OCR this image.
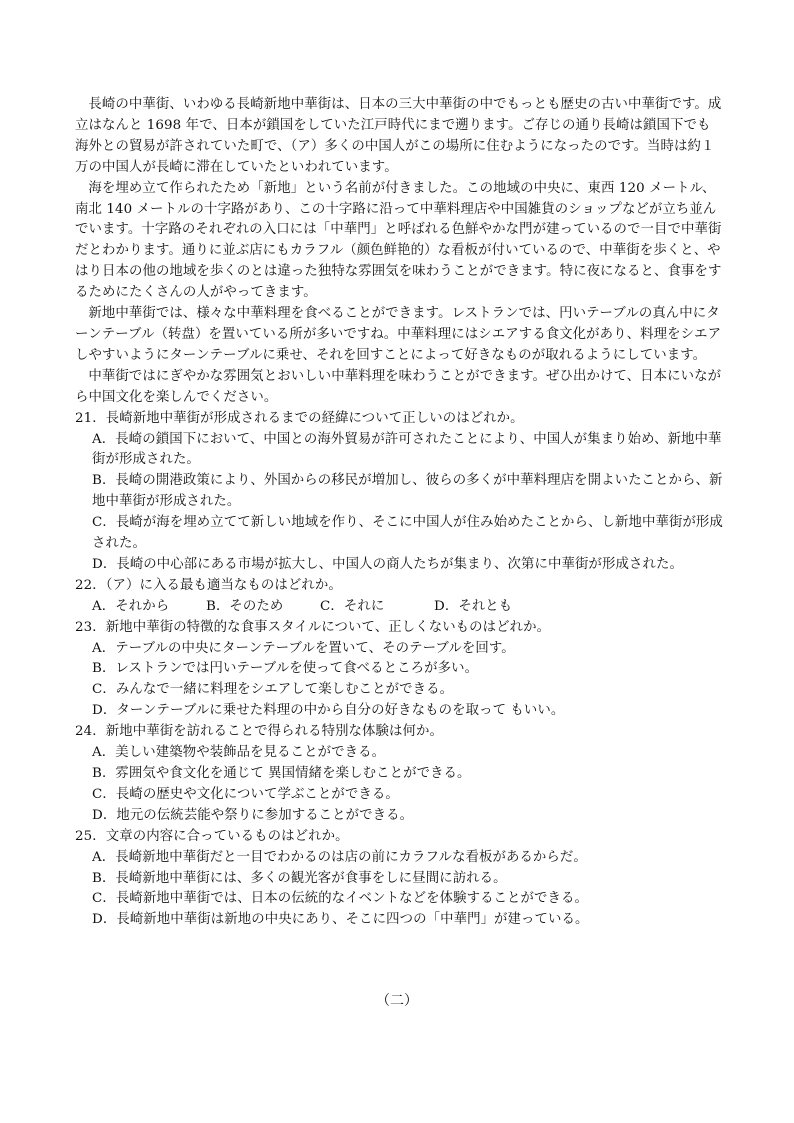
長崎の中華街、いわゆる長崎新地中華街は、日本の三大中華街の中でもっとも歴史の古い中華街です。成立はなんと 1698 年で、日本が鎖国をしていた江戸時代にまで遡ります。ご存じの通り長崎は鎖国下でも海外との貿易が許されていた町で、（ア）多くの中国人がこの場所に住むようになったのです。当時は約１万の中国人が長崎に滞在していたといわれています。

海を埋め立て作られたため「新地」という名前が付きました。この地域の中央に、東西 120 メートル、南北 140 メートルの十字路があり、この十字路に沿って中華料理店や中国雑貨のショップなどが立ち並んでいます。十字路のそれぞれの入口には「中華門」と呼ばれる色鮮やかな門が建っているので一目で中華街だとわかります。通りに並ぶ店にもカラフル（颜色鲜艳的）な看板が付いているので、中華街を歩くと、やはり日本の他の地域を歩くのとは違った独特な雰囲気を味わうことができます。特に夜になると、食事をするためにたくさんの人がやってきます。

新地中華街では、様々な中華料理を食べることができます。レストランでは、円いテーブルの真ん中にターンテーブル（转盘）を置いている所が多いですね。中華料理にはシエアする食文化があり、料理をシエアしやすいようにターンテーブルに乗せ、それを回すことによって好きなものが取れるようにしています。

中華街ではにぎやかな雰囲気とおいしい中華料理を味わうことができます。ぜひ出かけて、日本にいながら中国文化を楽しんでください。

21．長崎新地中華街が形成されるまでの経緯について正しいのはどれか。

A．長崎の鎖国下において、中国との海外貿易が許可されたことにより、中国人が集まり始め、新地中華街が形成された。

B．長崎の開港政策により、外国からの移民が増加し、彼らの多くが中華料理店を開よいたことから、新地中華街が形成された。

C．長崎が海を埋め立てて新しい地域を作り、そこに中国人が住み始めたことから、し新地中華街が形成された。

D．長崎の中心部にある市場が拡大し、中国人の商人たちが集まり、次第に中華街が形成された。

22．（ア）に入る最も適当なものはどれか。

A．それから	B．そのため	C．それに	D．それとも

23．新地中華街の特徴的な食事スタイルについて、正しくないものはどれか。

A．テーブルの中央にターンテーブルを置いて、そのテーブルを回す。

B．レストランでは円いテーブルを使って食べるところが多い。

C．みんなで一緒に料理をシエアして楽しむことができる。

D．ターンテーブルに乗せた料理の中から自分の好きなものを取って もいい。

24．新地中華街を訪れることで得られる特別な体験は何か。

A．美しい建築物や装飾品を見ることができる。

B．雰囲気や食文化を通じて 異国情緒を楽しむことができる。

C．長崎の歴史や文化について学ぶことができる。

D．地元の伝統芸能や祭りに参加することができる。

25．文章の内容に合っているものはどれか。

A．長崎新地中華街だと一目でわかるのは店の前にカラフルな看板があるからだ。

B．長崎新地中華街には、多くの観光客が食事をしに昼間に訪れる。

C．長崎新地中華街では、日本の伝統的なイベントなどを体験することができる。

D．長崎新地中華街は新地の中央にあり、そこに四つの「中華門」が建っている。

（二）
